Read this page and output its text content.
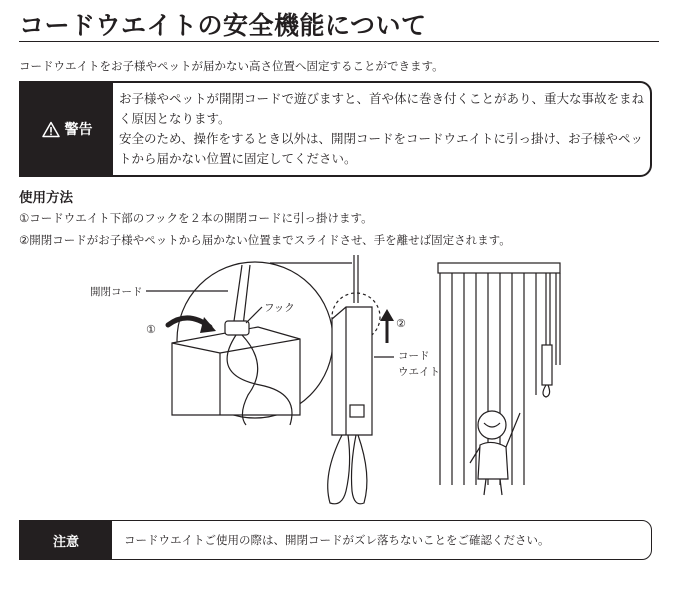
コードウエイトの安全機能について
コードウエイトをお子様やペットが届かない高さ位置へ固定することができます。
警告

お子様やペットが開閉コードで遊びますと、首や体に巻き付くことがあり、重大な事故をまねく原因となります。

安全のため、操作をするとき以外は、開閉コードをコードウエイトに引っ掛け、お子様やペットから届かない位置に固定してください。

使用方法
①コードウエイト下部のフックを２本の開閉コードに引っ掛けます。
②開閉コードがお子様やペットから届かない位置までスライドさせ、手を離せば固定されます。
開閉コード
①
フック
②
コード
ウエイト
注意	コードウエイトご使用の際は、開閉コードがズレ落ちないことをご確認ください。
